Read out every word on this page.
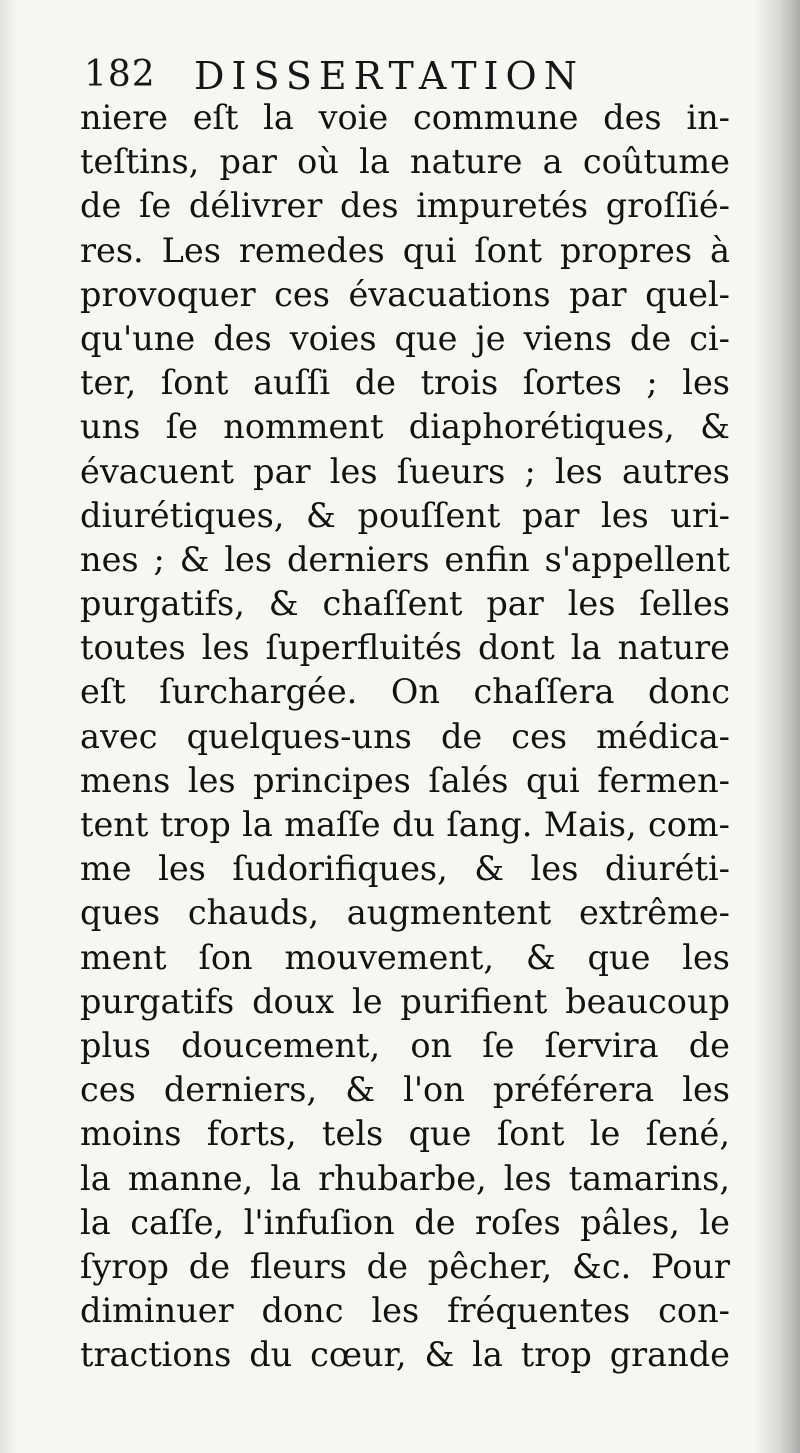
182 DISSERTATION
niere eſt la voie commune des in-
teſtins, par où la nature a coûtume
de ſe délivrer des impuretés groſſié-
res. Les remedes qui ſont propres à
provoquer ces évacuations par quel-
qu'une des voies que je viens de ci-
ter, ſont auſſi de trois ſortes ; les
uns ſe nomment diaphorétiques, &
évacuent par les ſueurs ; les autres
diurétiques, & pouſſent par les uri-
nes ; & les derniers enfin s'appellent
purgatifs, & chaſſent par les ſelles
toutes les ſuperfluités dont la nature
eſt ſurchargée. On chaſſera donc
avec quelques-uns de ces médica-
mens les principes ſalés qui fermen-
tent trop la maſſe du ſang. Mais, com-
me les ſudorifiques, & les diuréti-
ques chauds, augmentent extrême-
ment ſon mouvement, & que les
purgatifs doux le purifient beaucoup
plus doucement, on ſe ſervira de
ces derniers, & l'on préférera les
moins forts, tels que ſont le ſené,
la manne, la rhubarbe, les tamarins,
la caſſe, l'infuſion de roſes pâles, le
ſyrop de fleurs de pêcher, &c. Pour
diminuer donc les fréquentes con-
tractions du cœur, & la trop grande
